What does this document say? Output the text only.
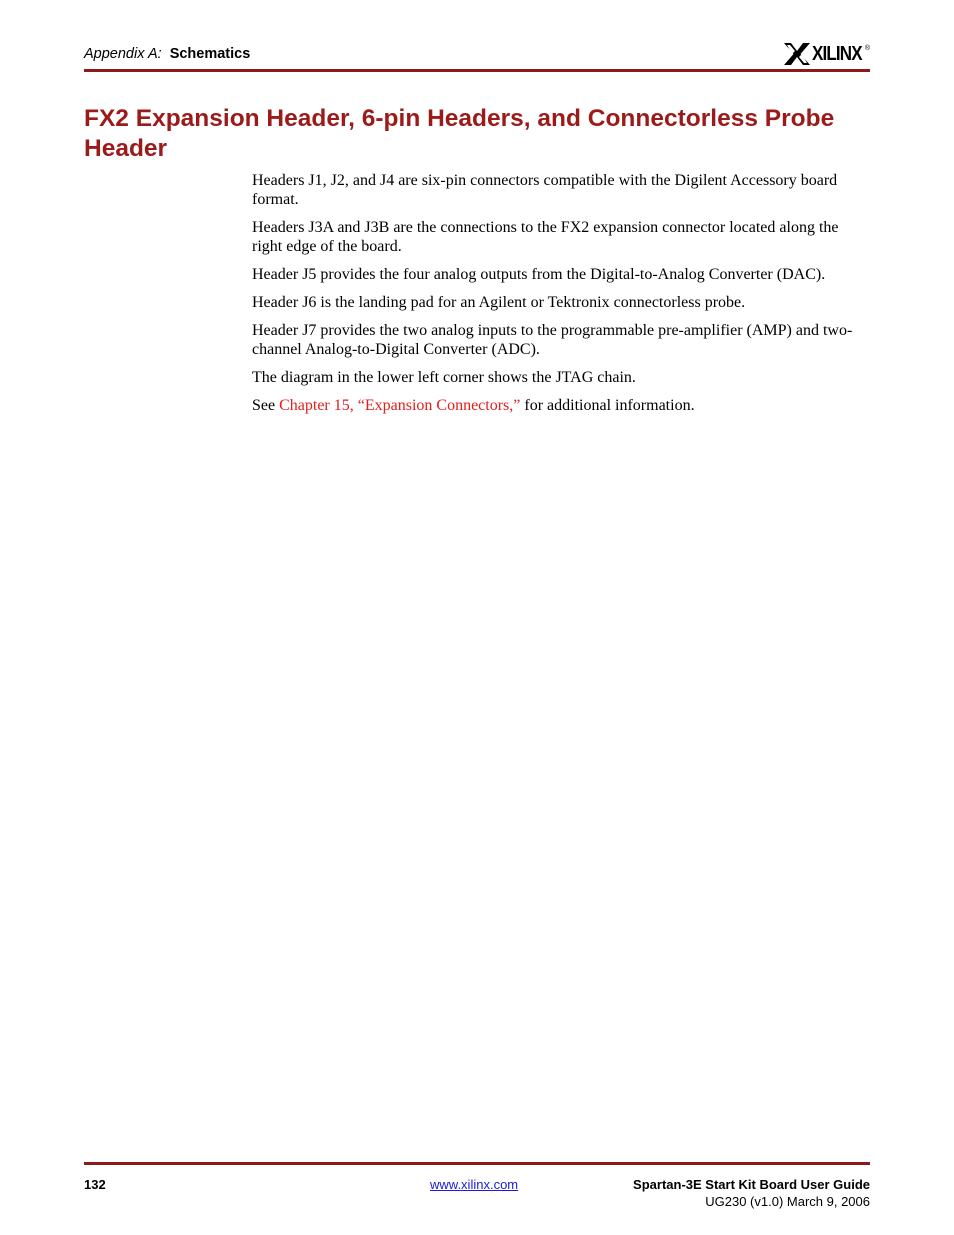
Appendix A: Schematics	XILINX ®
FX2 Expansion Header, 6-pin Headers, and Connectorless Probe Header

Headers J1, J2, and J4 are six-pin connectors compatible with the Digilent Accessory board format.

Headers J3A and J3B are the connections to the FX2 expansion connector located along the right edge of the board.

Header J5 provides the four analog outputs from the Digital-to-Analog Converter (DAC).

Header J6 is the landing pad for an Agilent or Tektronix connectorless probe.

Header J7 provides the two analog inputs to the programmable pre-amplifier (AMP) and two-channel Analog-to-Digital Converter (ADC).

The diagram in the lower left corner shows the JTAG chain.

See Chapter 15, “Expansion Connectors,” for additional information.

132	www.xilinx.com	Spartan-3E Start Kit Board User Guide
UG230 (v1.0) March 9, 2006
